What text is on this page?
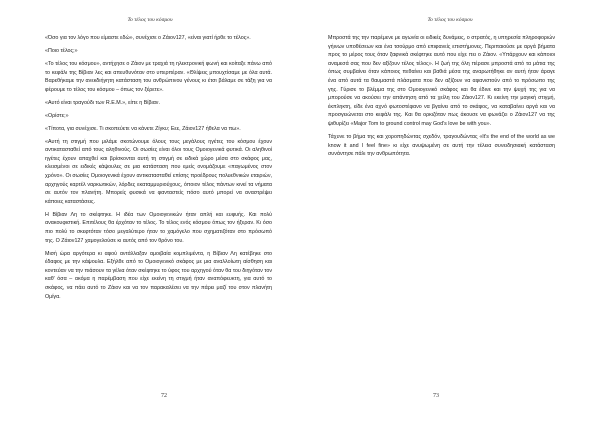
Το τέλος του κόσμου

«Όσο για τον λόγο που είμαστε εδώ», συνέχισε ο Ζάιον127, «είναι γιατί ήρθε το τέλος».

«Ποιο τέλος;»

«Το τέλος του κόσμου», αντήχησε ο Ζάιον με τραχιά τη ηλεκτρονική φωνή και κοίταξε πάνω από το κεφάλι της Βίβιαν λες και απευθυνόταν στο υπερπέραν. «Θλίψεις μπουχτίσαμε με όλα αυτά. Βαρεθήκαμε την ανεκδιήγητη κατάσταση του ανθρώπινου γένους κι έτσι βάλαμε σε τάξη για να φέρουμε το τέλος του κόσμου – όπως τον ξέρετε».

«Αυτό είναι τραγούδι των R.E.M.», είπε η Βίβιαν.

«Ορίστε;»

«Τίποτα, για συνέχισε. Τι σκοπεύετε να κάνετε Ζίγκυ; Εεε, Ζάιον127 ήθελα να πω».

«Αυτή τη στιγμή που μιλάμε σκοτώνουμε όλους τους μεγάλους ηγέτες του κόσμου έχουν αντικατασταθεί από τους αληθινούς. Οι σωσίες είναι όλοι τους Ομοιογενικά φυτικά. Οι αληθινοί ηγέτες έχουν απαχθεί και βρίσκονται αυτή τη στιγμή σε ειδικά χώρο μέσα στο σκάφος μας, κλεισμένοι σε ειδικές κάψουλες σε μια κατάσταση που εμείς ονομάζουμε «παγωμένος στον χρόνο». Οι σωσίες Ομοιογενικά έχουν αντικατασταθεί επίσης προέδρους πολυεθνικών εταιριών, αρχηγούς καρτέλ ναρκωτικών, λόρδες εκαταμμυριούχους, όποιον τέλος πάντων κινεί τα νήματα σε αυτόν τον πλανήτη. Μπορείς φυσικά να φανταστείς πόσο αυτό μπορεί να αναστρέψει κάποιες καταστάσεις.

Η Βίβιαν Λη το σκέφτηκε. Η ιδέα των Ομοιογενικών ήταν απλή και ευφυής. Και πολύ ανακουφιστική. Επιτέλους θα έρχόταν το τέλος. Το τέλος ενός κόσμου όπως τον ήξεραν. Κι όσο πιο πολύ το σκεφτόταν τόσο μεγαλύτερο ήταν το χαμόγελο που σχηματιζόταν στο πρόσωπό της. Ο Ζάιον127 χαμογελούσε κι αυτός από τον θρόνο του.

Μισή ώρα αργότερα κι αφού αντάλλαξαν αμοιβαία κομπλιμέντα, η Βίβιαν Λη κατέβηκε στο έδαφος με την κάψουλα. Εξήλθε από το Ομοιογενικό σκάφος με μια αναλλοίωτη αίσθηση και κοντεύαν να την πιάσουν τα γέλια όταν σκέφτηκε το ύφος του αρχηγού όταν θα του διηγόταν τον καθ' όσα – ακόμα η παρέμβαση που είχε εκείνη τη στιγμή ήταν αναπόφευκτη, για αυτό το σκάφος, να πάει αυτό το Ζάιον και να τον παρακαλέσει να την πάρει μαζί του στον πλανήτη Ομίγα.

72
Το τέλος του κόσμου

Μπροστά της την παρέμενε με αγωνία οι ειδικές δυνάμεις, ο στρατός, η υπηρεσία πληροφοριών γήινων υποθέσεων και ένα τσούρμο από επιφανείς επιστήμονες. Περιπαιούσε με αργά βήματα προς το μέρος τους όταν ξαφνικά σκέφτηκε αυτό που είχε πει ο Ζάιον. «Υπάρχουν και κάποιοι αναμεσά σας που δεν αξίζουν τέλος τέλος». Η ζωή της όλη πέρασε μπροστά από τα μάτια της όπως συμβαίνει όταν κάποιος πεθαίνει και βαθιά μέσα της αναρωτήθηκε αν αυτή ήταν άραγε ένα από αυτά τα θαυμαστά πλάσματα που δεν αξίζουν να αφανιστούν από το πρόσωπο της γης. Γύρισε το βλέμμα της στο Ομοιογενικό σκάφος και θα έδινε και την ψυχή της για να μπορούσε να ακούσει την απάντηση από τα χείλη του Ζάιον127. Κι εκείνη την μαγική στιγμή, έκπληκτη, είδε ένα αχνό φωτοστέφανο να βγαίνει από το σκάφος, να καταβαίνει αργά και να προσγειώνεται στο κεφάλι της. Και θα ορκιζόταν πως άκουσε να φωνάζει ο Ζάιον127 να της ψιθυρίζει «Major Tom to ground control may God's love be with you».

Τάχυνε το βήμα της και χοροπηδώντας σχεδόν, τραγουδώντας «It's the end of the world as we know it and I feel fine» κι είχε ανυψωμένη σε αυτή την τέλεια συνειδησιακή κατάσταση συνάντησε πάλι την ανθρωπότητα.

73
